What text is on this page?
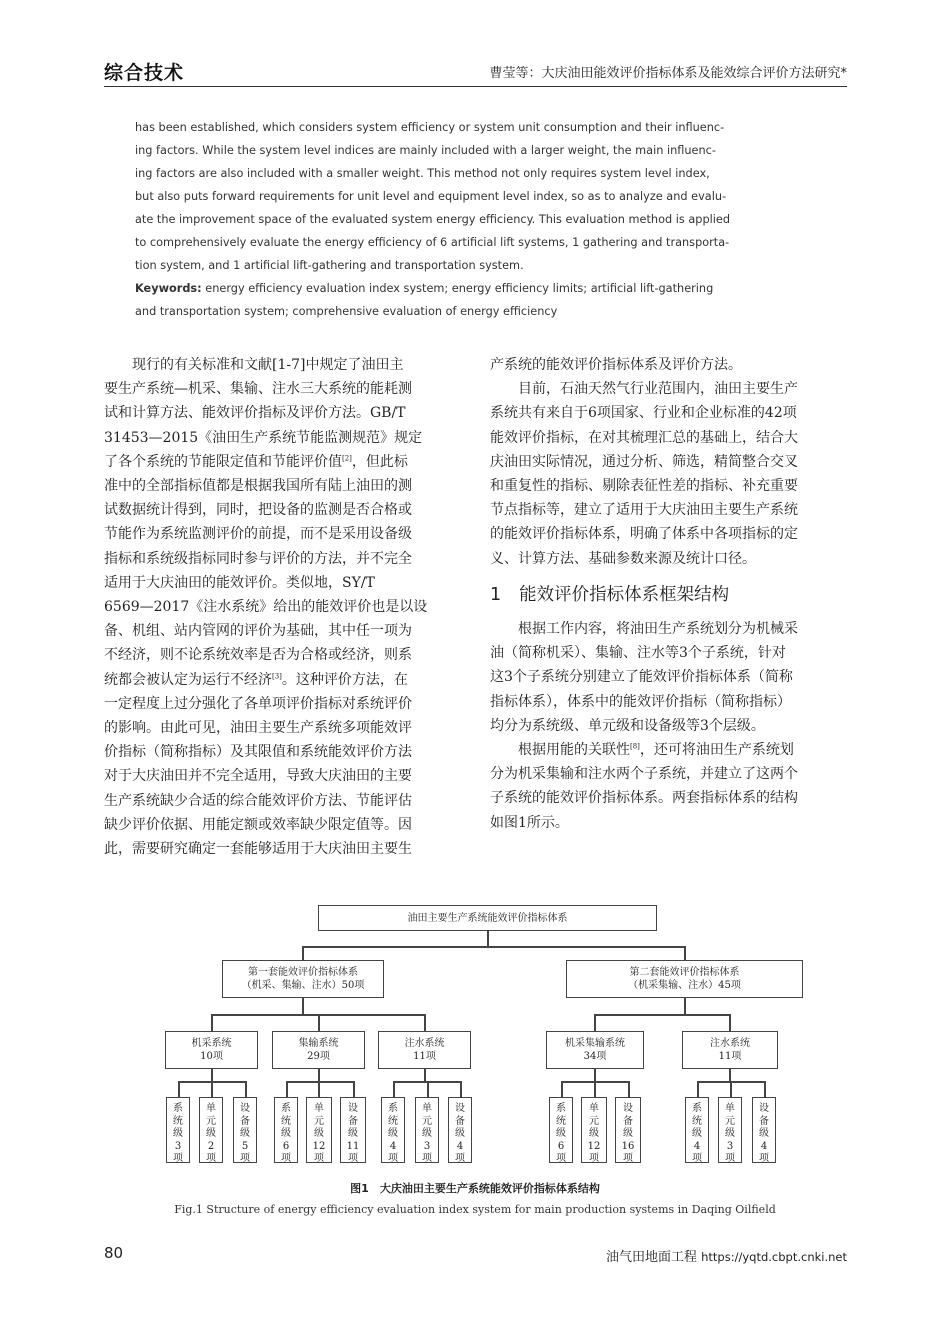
综合技术	曹莹等：大庆油田能效评价指标体系及能效综合评价方法研究*

has been established, which considers system efficiency or system unit consumption and their influenc-

ing factors. While the system level indices are mainly included with a larger weight, the main influenc-

ing factors are also included with a smaller weight. This method not only requires system level index,

but also puts forward requirements for unit level and equipment level index, so as to analyze and evalu-

ate the improvement space of the evaluated system energy efficiency. This evaluation method is applied

to comprehensively evaluate the energy efficiency of 6 artificial lift systems, 1 gathering and transporta-

tion system, and 1 artificial lift-gathering and transportation system.

Keywords: energy efficiency evaluation index system; energy efficiency limits; artificial lift-gathering

and transportation system; comprehensive evaluation of energy efficiency

　　现行的有关标准和文献[1-7]中规定了油田主

要生产系统—机采、集输、注水三大系统的能耗测

试和计算方法、能效评价指标及评价方法。GB/T

31453—2015《油田生产系统节能监测规范》规定

了各个系统的节能限定值和节能评价值[2]，但此标

准中的全部指标值都是根据我国所有陆上油田的测

试数据统计得到，同时，把设备的监测是否合格或

节能作为系统监测评价的前提，而不是采用设备级

指标和系统级指标同时参与评价的方法，并不完全

适用于大庆油田的能效评价。类似地，SY/T

6569—2017《注水系统》给出的能效评价也是以设

备、机组、站内管网的评价为基础，其中任一项为

不经济，则不论系统效率是否为合格或经济，则系

统都会被认定为运行不经济[3]。这种评价方法，在

一定程度上过分强化了各单项评价指标对系统评价

的影响。由此可见，油田主要生产系统多项能效评

价指标（简称指标）及其限值和系统能效评价方法

对于大庆油田并不完全适用，导致大庆油田的主要

生产系统缺少合适的综合能效评价方法、节能评估

缺少评价依据、用能定额或效率缺少限定值等。因

此，需要研究确定一套能够适用于大庆油田主要生

产系统的能效评价指标体系及评价方法。

　　目前，石油天然气行业范围内，油田主要生产

系统共有来自于6项国家、行业和企业标准的42项

能效评价指标，在对其梳理汇总的基础上，结合大

庆油田实际情况，通过分析、筛选，精简整合交叉

和重复性的指标、剔除表征性差的指标、补充重要

节点指标等，建立了适用于大庆油田主要生产系统

的能效评价指标体系，明确了体系中各项指标的定

义、计算方法、基础参数来源及统计口径。

1 能效评价指标体系框架结构

　　根据工作内容，将油田生产系统划分为机械采

油（简称机采）、集输、注水等3个子系统，针对

这3个子系统分别建立了能效评价指标体系（简称

指标体系），体系中的能效评价指标（简称指标）

均分为系统级、单元级和设备级等3个层级。

　　根据用能的关联性[8]，还可将油田生产系统划

分为机采集输和注水两个子系统，并建立了这两个

子系统的能效评价指标体系。两套指标体系的结构

如图1所示。

油田主要生产系统能效评价指标体系
第一套能效评价指标体系
（机采、集输、注水）50项
第二套能效评价指标体系
（机采集输、注水）45项
机采系统
10项
集输系统
29项
注水系统
11项
机采集输系统
34项
注水系统
11项
系
统
级
3
项
单
元
级
2
项
设
备
级
5
项
系
统
级
6
项
单
元
级
12
项
设
备
级
11
项
系
统
级
4
项
单
元
级
3
项
设
备
级
4
项
系
统
级
6
项
单
元
级
12
项
设
备
级
16
项
系
统
级
4
项
单
元
级
3
项
设
备
级
4
项
图1　大庆油田主要生产系统能效评价指标体系结构
Fig.1 Structure of energy efficiency evaluation index system for main production systems in Daqing Oilfield
80	油气田地面工程 https://yqtd.cbpt.cnki.net
